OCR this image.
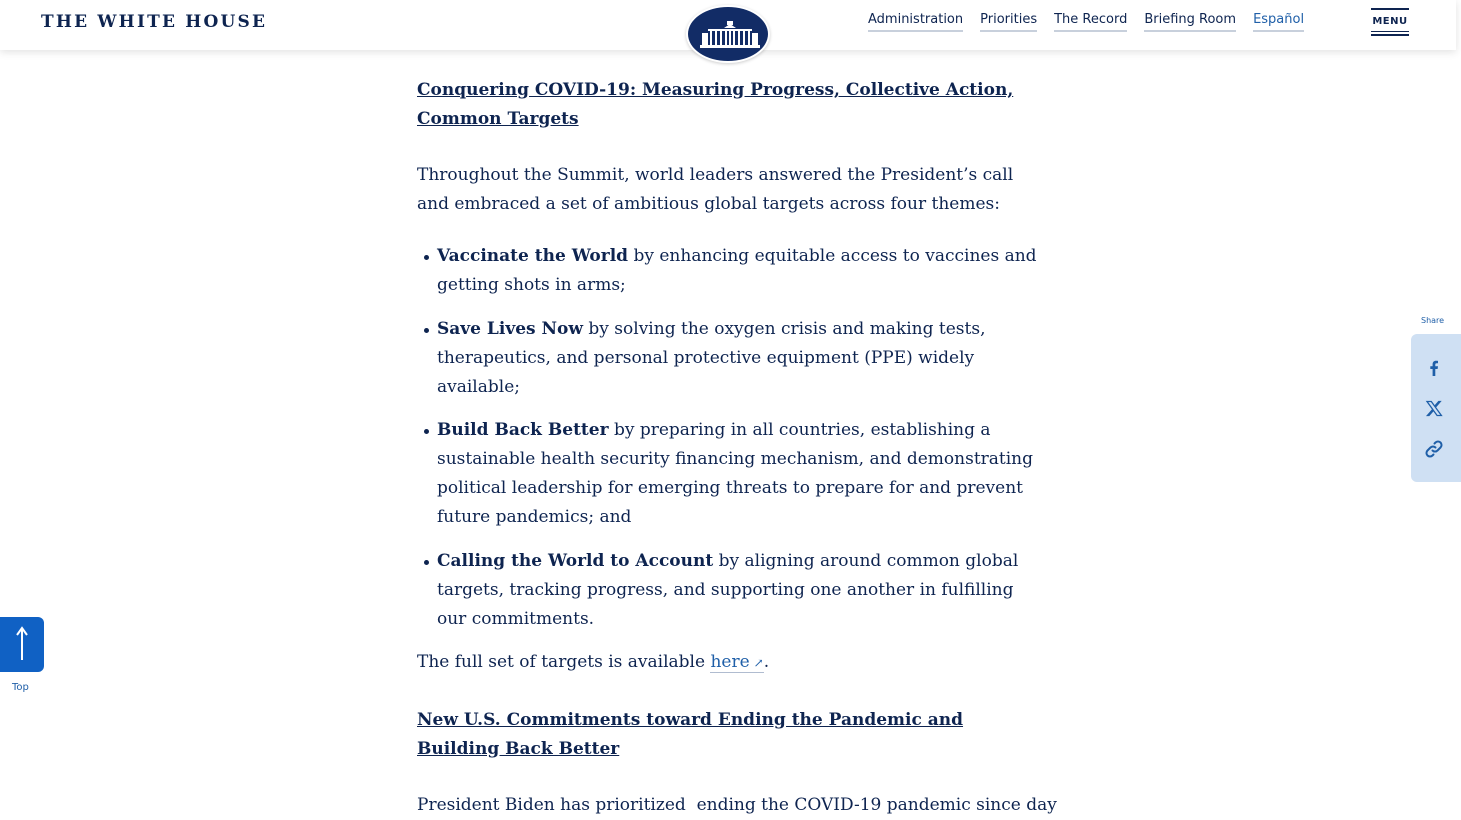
THE WHITE HOUSE	Administration Priorities The Record Briefing Room Español	MENU
Conquering COVID-19: Measuring Progress, Collective Action, Common Targets

Throughout the Summit, world leaders answered the President’s call and embraced a set of ambitious global targets across four themes:

Vaccinate the World by enhancing equitable access to vaccines and getting shots in arms;
Save Lives Now by solving the oxygen crisis and making tests, therapeutics, and personal protective equipment (PPE) widely available;
Build Back Better by preparing in all countries, establishing a sustainable health security financing mechanism, and demonstrating political leadership for emerging threats to prepare for and prevent future pandemics; and
Calling the World to Account by aligning around common global targets, tracking progress, and supporting one another in fulfilling our commitments.

The full set of targets is available here ↗.

New U.S. Commitments toward Ending the Pandemic and Building Back Better

President Biden has prioritized  ending the COVID-19 pandemic since day

Share
Top
